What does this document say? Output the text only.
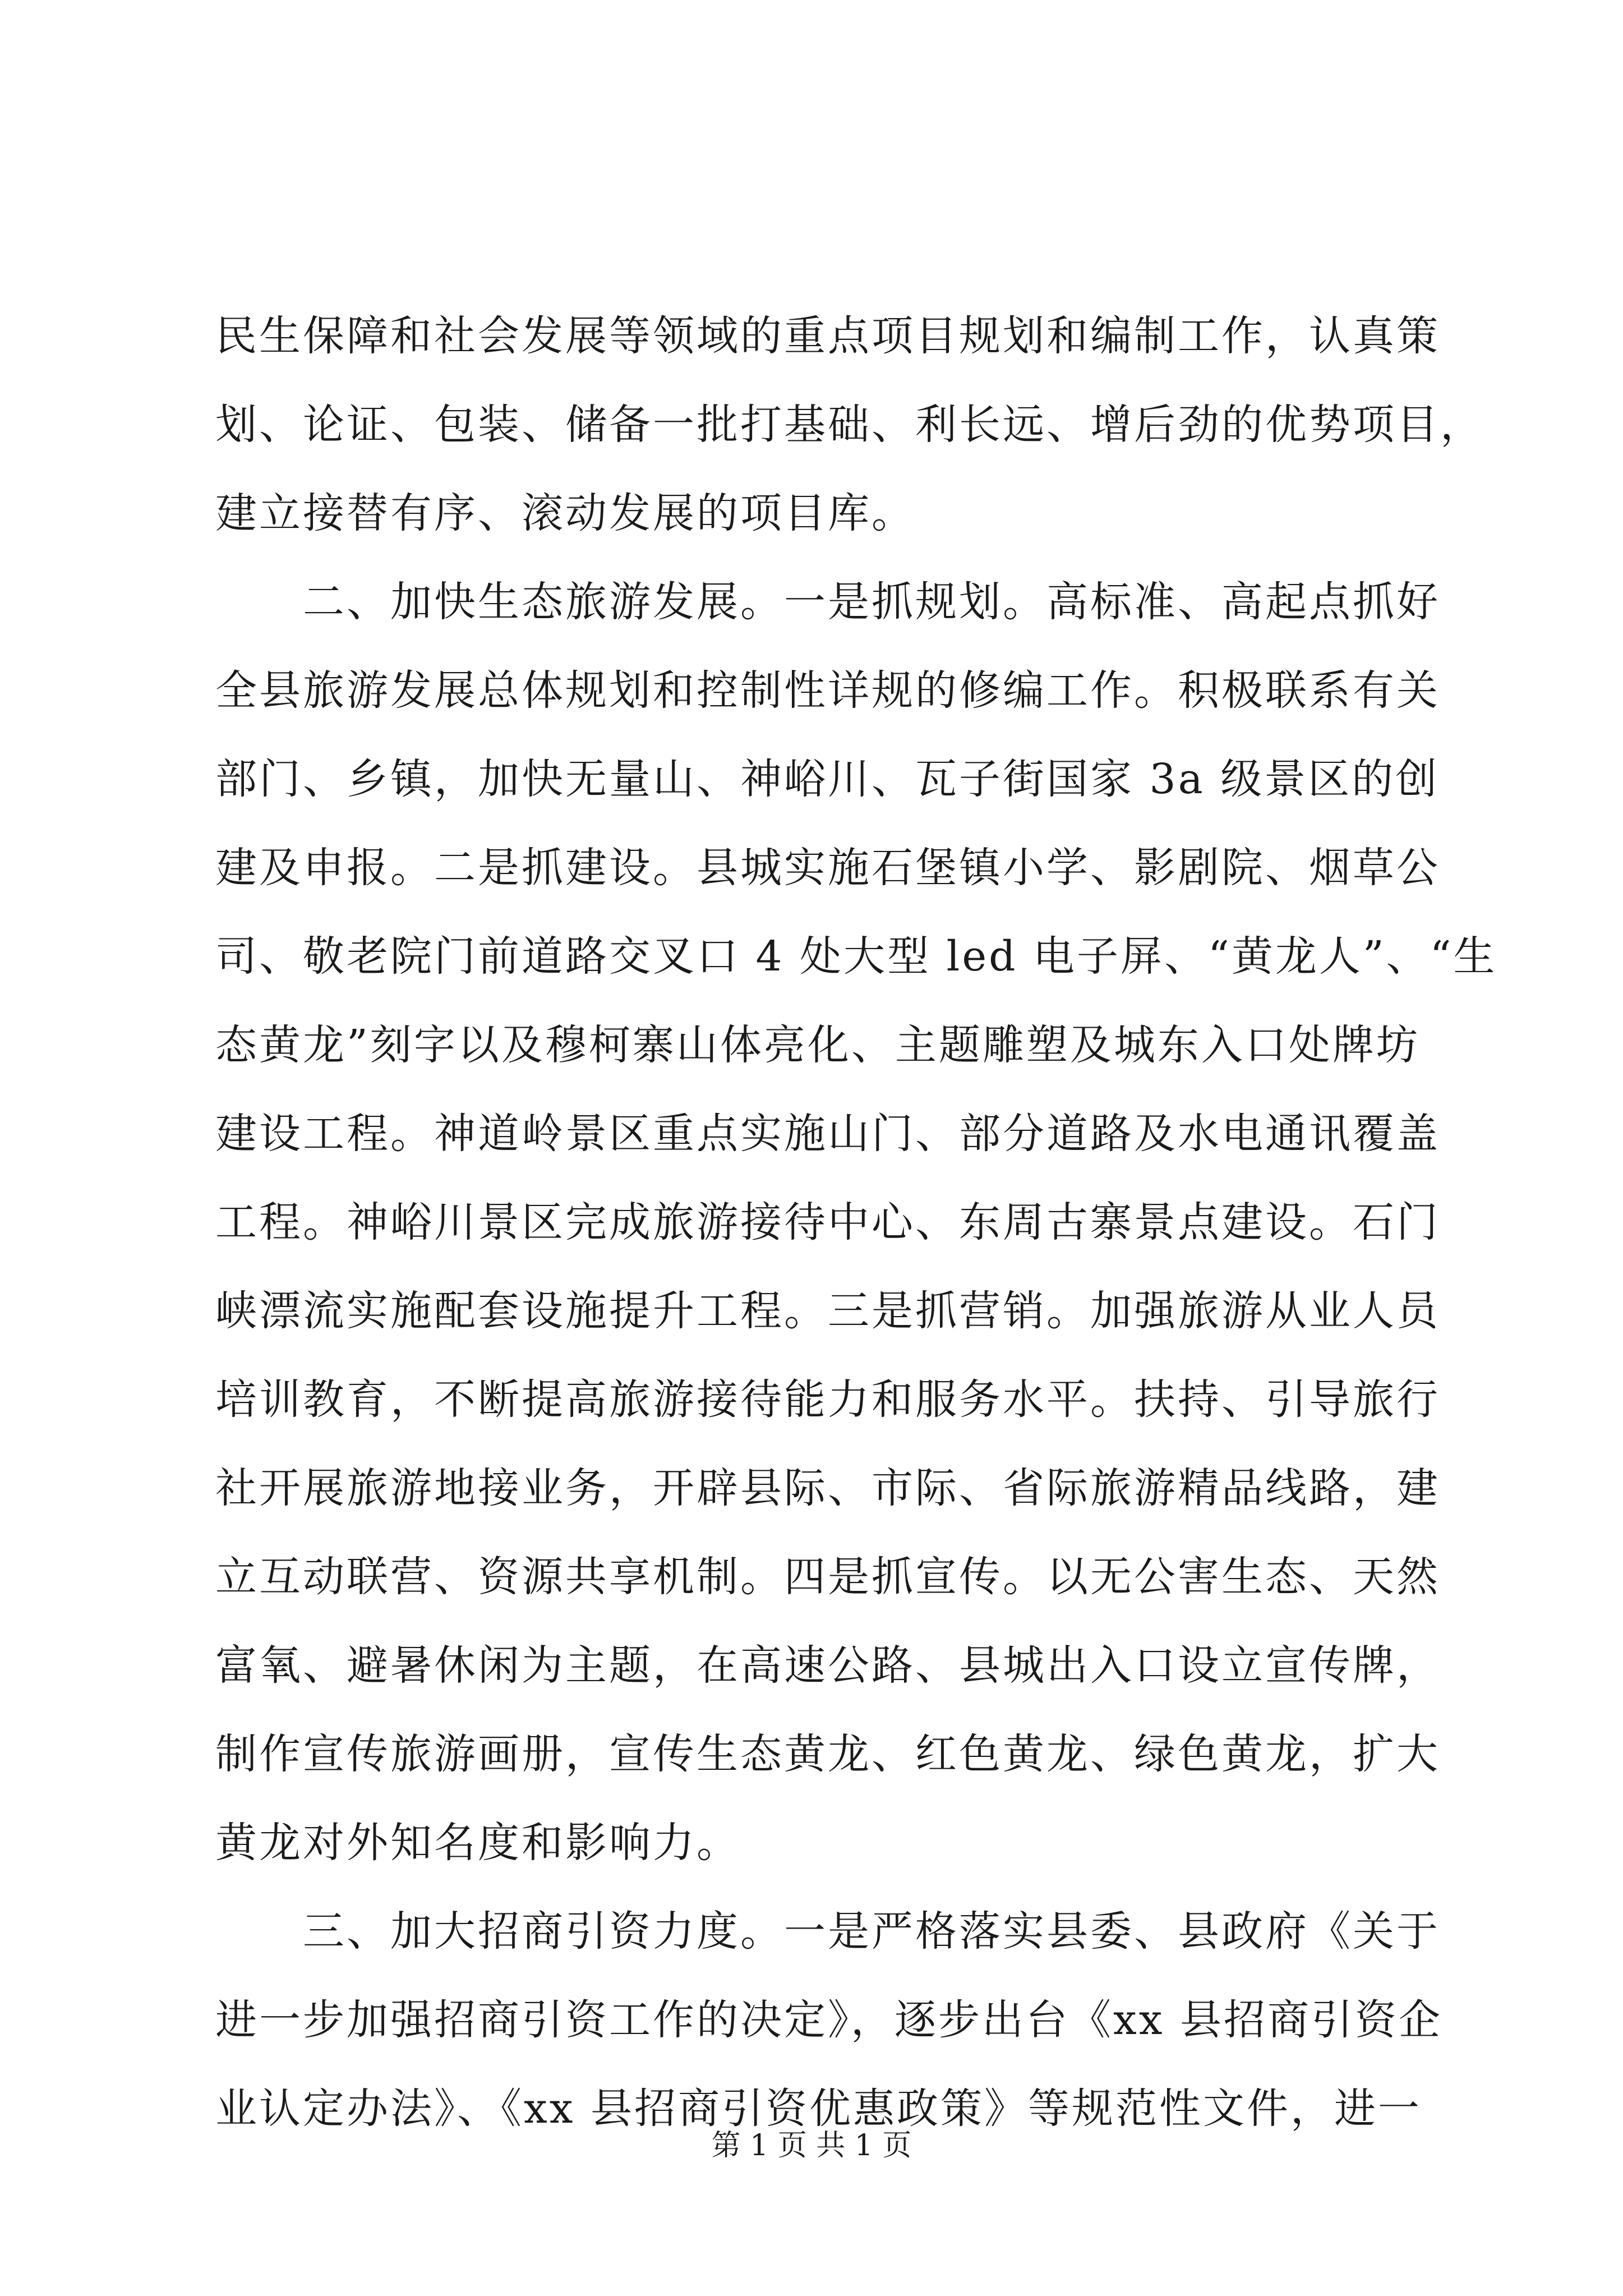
民生保障和社会发展等领域的重点项目规划和编制工作，认真策
划、论证、包装、储备一批打基础、利长远、增后劲的优势项目，
建立接替有序、滚动发展的项目库。
　　二、加快生态旅游发展。一是抓规划。高标准、高起点抓好
全县旅游发展总体规划和控制性详规的修编工作。积极联系有关
部门、乡镇，加快无量山、神峪川、瓦子街国家 3a 级景区的创
建及申报。二是抓建设。县城实施石堡镇小学、影剧院、烟草公
司、敬老院门前道路交叉口 4 处大型 led 电子屏、“黄龙人”、“生
态黄龙”刻字以及穆柯寨山体亮化、主题雕塑及城东入口处牌坊
建设工程。神道岭景区重点实施山门、部分道路及水电通讯覆盖
工程。神峪川景区完成旅游接待中心、东周古寨景点建设。石门
峡漂流实施配套设施提升工程。三是抓营销。加强旅游从业人员
培训教育，不断提高旅游接待能力和服务水平。扶持、引导旅行
社开展旅游地接业务，开辟县际、市际、省际旅游精品线路，建
立互动联营、资源共享机制。四是抓宣传。以无公害生态、天然
富氧、避暑休闲为主题，在高速公路、县城出入口设立宣传牌，
制作宣传旅游画册，宣传生态黄龙、红色黄龙、绿色黄龙，扩大
黄龙对外知名度和影响力。
　　三、加大招商引资力度。一是严格落实县委、县政府《关于
进一步加强招商引资工作的决定》，逐步出台《xx 县招商引资企
业认定办法》、《xx 县招商引资优惠政策》等规范性文件，进一
第 1 页 共 1 页
